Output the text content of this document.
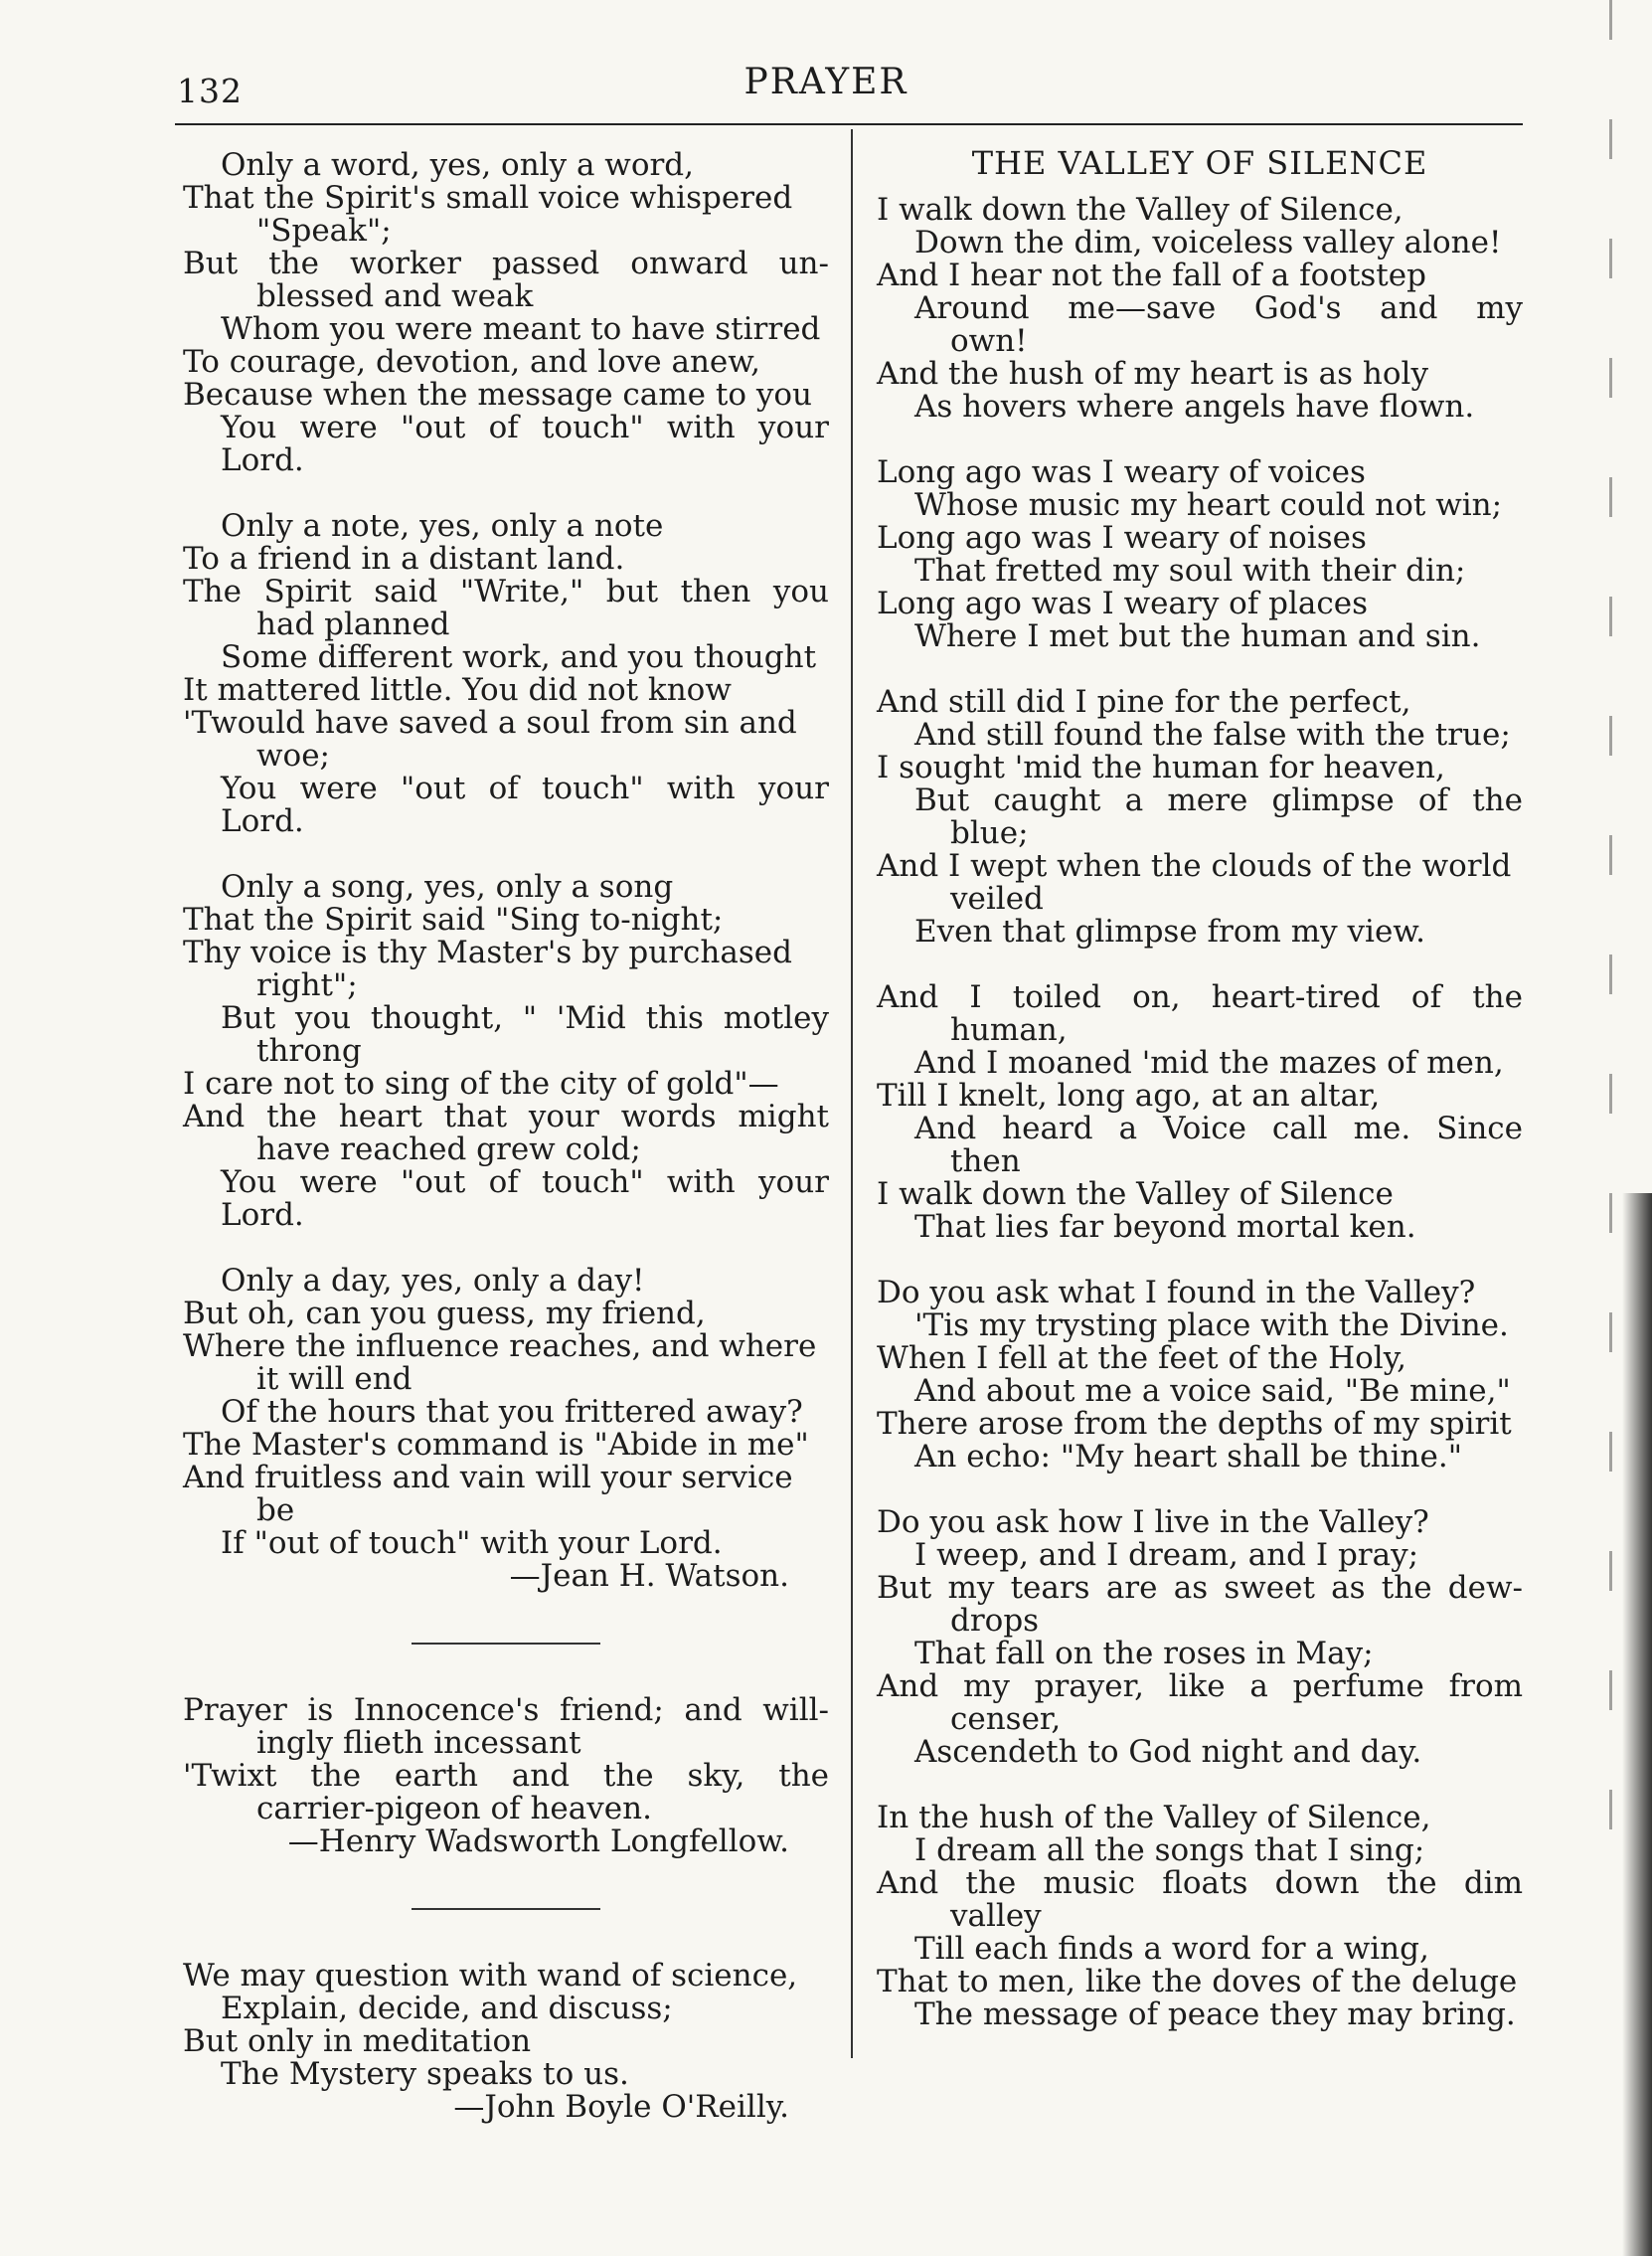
132	PRAYER
Only a word, yes, only a word,
That the Spirit's small voice whispered
"Speak";
But the worker passed onward un-
blessed and weak
Whom you were meant to have stirred
To courage, devotion, and love anew,
Because when the message came to you
You were "out of touch" with your
Lord.
Only a note, yes, only a note
To a friend in a distant land.
The Spirit said "Write," but then you
had planned
Some different work, and you thought
It mattered little. You did not know
'Twould have saved a soul from sin and
woe;
You were "out of touch" with your
Lord.
Only a song, yes, only a song
That the Spirit said "Sing to-night;
Thy voice is thy Master's by purchased
right";
But you thought, " 'Mid this motley
throng
I care not to sing of the city of gold"—
And the heart that your words might
have reached grew cold;
You were "out of touch" with your
Lord.
Only a day, yes, only a day!
But oh, can you guess, my friend,
Where the influence reaches, and where
it will end
Of the hours that you frittered away?
The Master's command is "Abide in me"
And fruitless and vain will your service
be
If "out of touch" with your Lord.
—Jean H. Watson.
Prayer is Innocence's friend; and will-
ingly flieth incessant
'Twixt the earth and the sky, the
carrier-pigeon of heaven.
—Henry Wadsworth Longfellow.
We may question with wand of science,
Explain, decide, and discuss;
But only in meditation
The Mystery speaks to us.
—John Boyle O'Reilly.
THE VALLEY OF SILENCE
I walk down the Valley of Silence,
Down the dim, voiceless valley alone!
And I hear not the fall of a footstep
Around me—save God's and my
own!
And the hush of my heart is as holy
As hovers where angels have flown.
Long ago was I weary of voices
Whose music my heart could not win;
Long ago was I weary of noises
That fretted my soul with their din;
Long ago was I weary of places
Where I met but the human and sin.
And still did I pine for the perfect,
And still found the false with the true;
I sought 'mid the human for heaven,
But caught a mere glimpse of the
blue;
And I wept when the clouds of the world
veiled
Even that glimpse from my view.
And I toiled on, heart-tired of the
human,
And I moaned 'mid the mazes of men,
Till I knelt, long ago, at an altar,
And heard a Voice call me. Since
then
I walk down the Valley of Silence
That lies far beyond mortal ken.
Do you ask what I found in the Valley?
'Tis my trysting place with the Divine.
When I fell at the feet of the Holy,
And about me a voice said, "Be mine,"
There arose from the depths of my spirit
An echo: "My heart shall be thine."
Do you ask how I live in the Valley?
I weep, and I dream, and I pray;
But my tears are as sweet as the dew-
drops
That fall on the roses in May;
And my prayer, like a perfume from
censer,
Ascendeth to God night and day.
In the hush of the Valley of Silence,
I dream all the songs that I sing;
And the music floats down the dim
valley
Till each finds a word for a wing,
That to men, like the doves of the deluge
The message of peace they may bring.
